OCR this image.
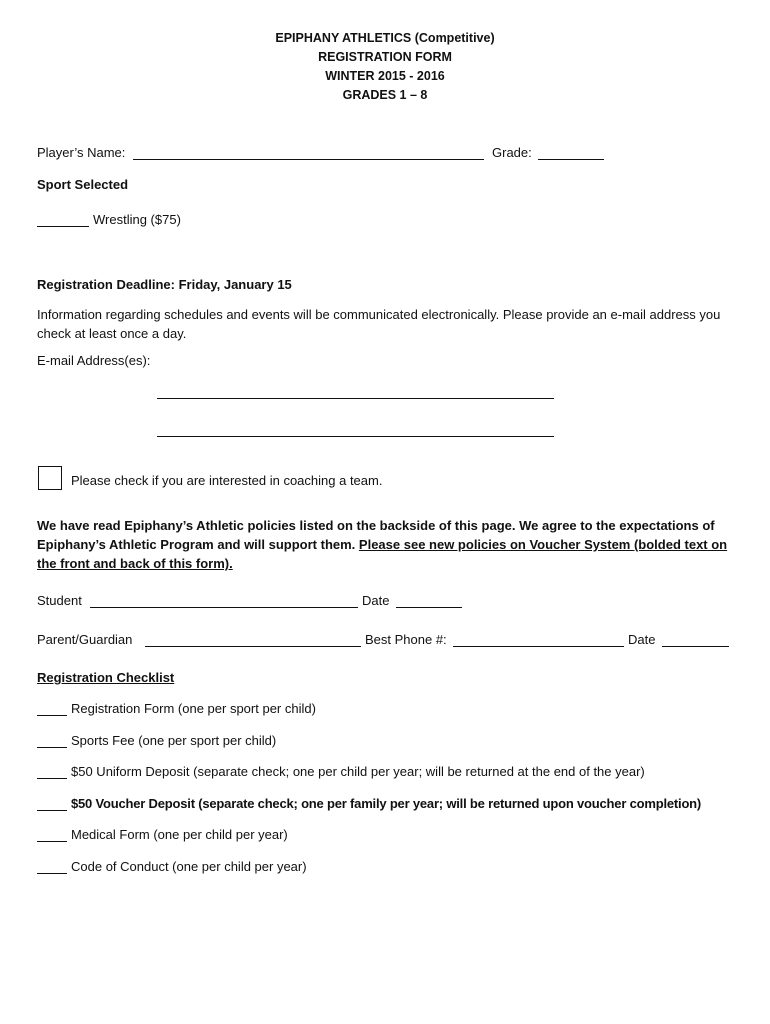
EPIPHANY ATHLETICS (Competitive)
REGISTRATION FORM
WINTER 2015 - 2016
GRADES 1 – 8
Player’s Name:	Grade:
Sport Selected
Wrestling ($75)
Registration Deadline: Friday, January 15
Information regarding schedules and events will be communicated electronically. Please provide an e-mail address you check at least once a day.
E-mail Address(es):
Please check if you are interested in coaching a team.
We have read Epiphany’s Athletic policies listed on the backside of this page. We agree to the expectations of Epiphany’s Athletic Program and will support them. Please see new policies on Voucher System (bolded text on the front and back of this form).
Student	Date
Parent/Guardian	Best Phone #:	Date
Registration Checklist
Registration Form (one per sport per child)
Sports Fee (one per sport per child)
$50 Uniform Deposit (separate check; one per child per year; will be returned at the end of the year)
$50 Voucher Deposit (separate check; one per family per year; will be returned upon voucher completion)
Medical Form (one per child per year)
Code of Conduct (one per child per year)
